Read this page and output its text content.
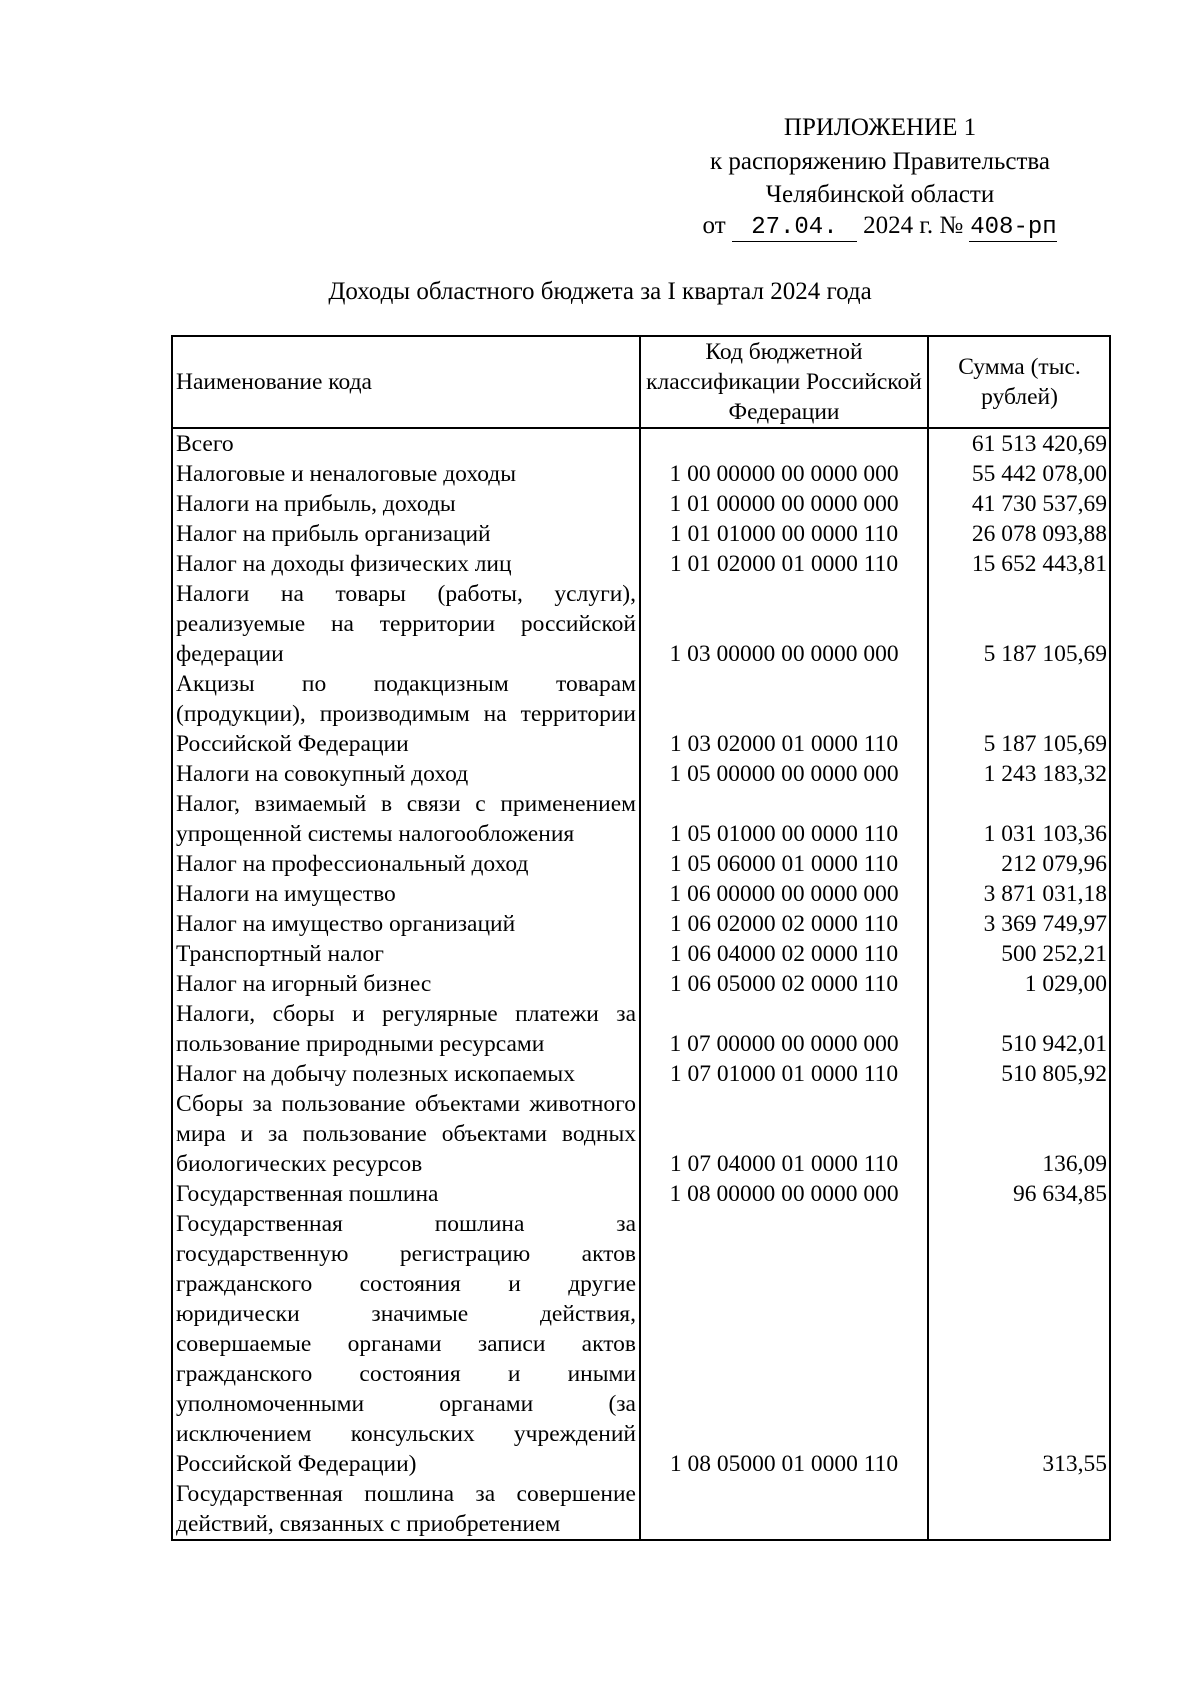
ПРИЛОЖЕНИЕ 1
к распоряжению Правительства
Челябинской области
от 27.04. 2024 г. № 408-рп
Доходы областного бюджета за I квартал 2024 года
Наименование кода	Код бюджетной классификации Российской Федерации	Сумма (тыс. рублей)
Всего		61 513 420,69
Налоговые и неналоговые доходы	1 00 00000 00 0000 000	55 442 078,00
Налоги на прибыль, доходы	1 01 00000 00 0000 000	41 730 537,69
Налог на прибыль организаций	1 01 01000 00 0000 110	26 078 093,88
Налог на доходы физических лиц	1 01 02000 01 0000 110	15 652 443,81
Налоги на товары (работы, услуги), реализуемые на территории российской федерации	1 03 00000 00 0000 000	5 187 105,69
Акцизы по подакцизным товарам (продукции), производимым на территории Российской Федерации	1 03 02000 01 0000 110	5 187 105,69
Налоги на совокупный доход	1 05 00000 00 0000 000	1 243 183,32
Налог, взимаемый в связи с применением упрощенной системы налогообложения	1 05 01000 00 0000 110	1 031 103,36
Налог на профессиональный доход	1 05 06000 01 0000 110	212 079,96
Налоги на имущество	1 06 00000 00 0000 000	3 871 031,18
Налог на имущество организаций	1 06 02000 02 0000 110	3 369 749,97
Транспортный налог	1 06 04000 02 0000 110	500 252,21
Налог на игорный бизнес	1 06 05000 02 0000 110	1 029,00
Налоги, сборы и регулярные платежи за пользование природными ресурсами	1 07 00000 00 0000 000	510 942,01
Налог на добычу полезных ископаемых	1 07 01000 01 0000 110	510 805,92
Сборы за пользование объектами животного мира и за пользование объектами водных биологических ресурсов	1 07 04000 01 0000 110	136,09
Государственная пошлина	1 08 00000 00 0000 000	96 634,85
Государственная пошлина за государственную регистрацию актов гражданского состояния и другие юридически значимые действия, совершаемые органами записи актов гражданского состояния и иными уполномоченными органами (за исключением консульских учреждений Российской Федерации)	1 08 05000 01 0000 110	313,55
Государственная пошлина за совершение действий, связанных с приобретением		
